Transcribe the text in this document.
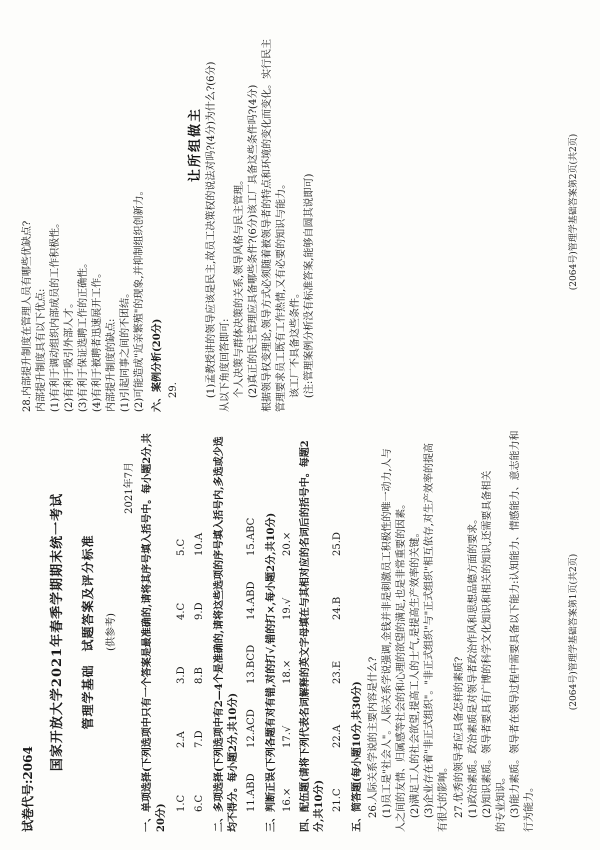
试卷代号:2064
国家开放大学2021年春季学期期末统一考试 管理学基础　试题答案及评分标准 (供参考)
2021年7月 一、单项选择(下列选项中只有一个答案是最准确的,请将其序号填入括号中。每小题2分,共 20分) 1.C2.A3.D4.C5.C
6.C7.D8.B9.D10.A 二、多项选择(下列选项中有2—4个是准确的,请将这些选项的序号填入括号内,多选或少选 均不得分。每小题2分,共10分) 11.ABD12.ACD13.BCD14.ABD15.ABC 三、判断正误(下列各题有对有错,对的打√,错的打×,每小题2分,共10分) 16.×17.√18.×19.√20.× 四、配伍题(请将下列代表名词解释的英文字母填在与其相对应的名词后的括号中。每题2 分,共10分) 21.C22.A23.E24.B25.D
五、简答题(每小题10分,共30分) 26.人际关系学说的主要内容是什么? (1)员工是"社会人"。人际关系学说强调,金钱并非是刺激员工积极性的唯一动力,人与 人之间的友情、归属感等社会的和心理的欲望的满足,也是非常重要的因素。 (2)满足工人的社会欲望,提高工人的士气,是提高生产效率的关键。 (3)企业存在着"非正式组织"。"非正式组织"与"正式组织"相互依存,对生产效率的提高 有很大的影响。 27.优秀的领导者应具备怎样的素质? (1)政治素质。政治素质是对领导者政治作风和思想品德方面的要求。 (2)知识素质。领导者要具有广博的科学文化知识和相关的知识,还需要具备相关 的专业知识。 (3)能力素质。领导者在领导过程中需要具备以下能力:认知能力、情感能力、意志能力和 行为能力。
(2064号)管理学基础答案第1页(共2页)
28.内部提升制度在管理人员有哪些优缺点? 内部提升制度具有以下优点: (1)有利于调动组织内部成员的工作积极性。 (2)有利于吸引外部人才。 (3)有利于保证选聘工作的正确性。 (4)有利于被聘者迅速展开工作。 内部提升制度的缺点: (1)引起同事之间的不团结。 (2)可能造成"近亲繁殖"的现象,并抑制组织创新力。 六、案例分析(20分) 29.
让所组做主 (1)孟教授讲的领导应该是民主,故员工决策权的说法对吗?(4分)为什么?(6分) 从以下角度回答即可: 个人决策与群体决策的关系,领导风格与民主管理。 (2)真正的民主管理应具备哪些条件?(6分)该工厂具备这些条件吗?(4分) 根据领导权变理论,领导方式必须随着被领导者的特点和环境的变化而变化。实行民主 管理要求员工既有工作热情,又有必要的知识与能力。 该工厂不具备这些条件。 (注:管理案例分析没有标准答案,能够自圆其说即可)	(2064号)管理学基础答案第2页(共2页)
